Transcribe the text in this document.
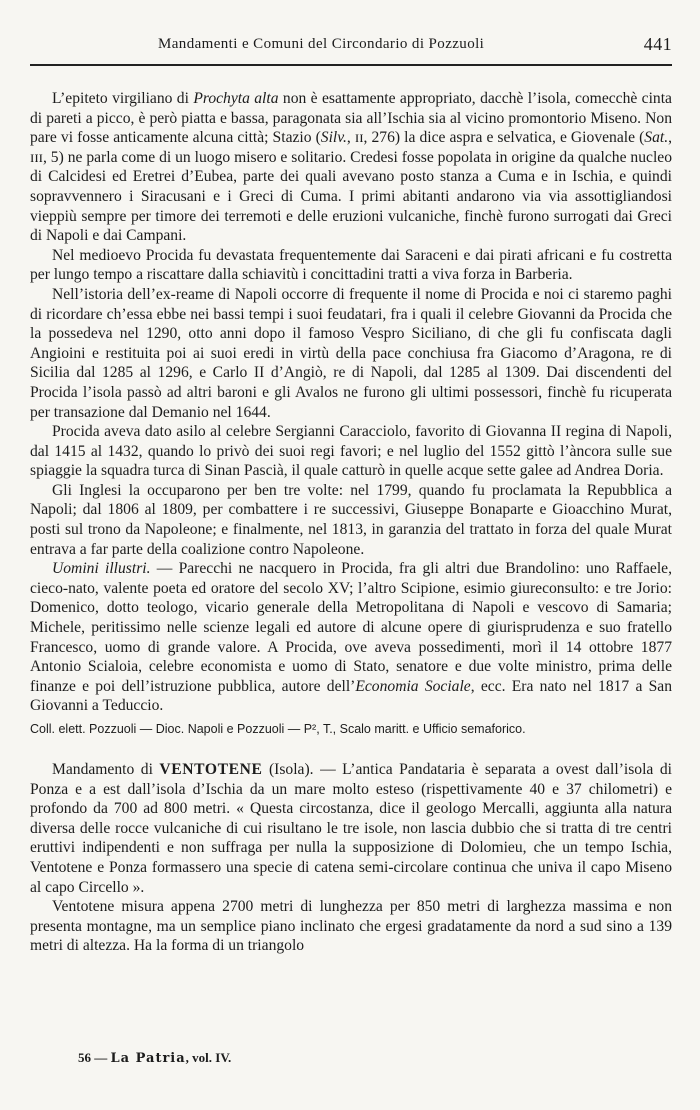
Mandamenti e Comuni del Circondario di Pozzuoli	441

L’epiteto virgiliano di Prochyta alta non è esattamente appropriato, dacchè l’isola, comecchè cinta di pareti a picco, è però piatta e bassa, paragonata sia all’Ischia sia al vicino promontorio Miseno. Non pare vi fosse anticamente alcuna città; Stazio (Silv., ɪɪ, 276) la dice aspra e selvatica, e Giovenale (Sat., ɪɪɪ, 5) ne parla come di un luogo misero e solitario. Credesi fosse popolata in origine da qualche nucleo di Calcidesi ed Eretrei d’Eubea, parte dei quali avevano posto stanza a Cuma e in Ischia, e quindi sopravvennero i Siracusani e i Greci di Cuma. I primi abitanti andarono via via assottigliandosi vieppiù sempre per timore dei terremoti e delle eruzioni vulcaniche, finchè furono surrogati dai Greci di Napoli e dai Campani.

Nel medioevo Procida fu devastata frequentemente dai Saraceni e dai pirati africani e fu costretta per lungo tempo a riscattare dalla schiavitù i concittadini tratti a viva forza in Barberia.

Nell’istoria dell’ex-reame di Napoli occorre di frequente il nome di Procida e noi ci staremo paghi di ricordare ch’essa ebbe nei bassi tempi i suoi feudatari, fra i quali il celebre Giovanni da Procida che la possedeva nel 1290, otto anni dopo il famoso Vespro Siciliano, di che gli fu confiscata dagli Angioini e restituita poi ai suoi eredi in virtù della pace conchiusa fra Giacomo d’Aragona, re di Sicilia dal 1285 al 1296, e Carlo II d’Angiò, re di Napoli, dal 1285 al 1309. Dai discendenti del Procida l’isola passò ad altri baroni e gli Avalos ne furono gli ultimi possessori, finchè fu ricuperata per transazione dal Demanio nel 1644.

Procida aveva dato asilo al celebre Sergianni Caracciolo, favorito di Giovanna II regina di Napoli, dal 1415 al 1432, quando lo privò dei suoi regi favori; e nel luglio del 1552 gittò l’àncora sulle sue spiaggie la squadra turca di Sinan Pascià, il quale catturò in quelle acque sette galee ad Andrea Doria.

Gli Inglesi la occuparono per ben tre volte: nel 1799, quando fu proclamata la Repubblica a Napoli; dal 1806 al 1809, per combattere i re successivi, Giuseppe Bonaparte e Gioacchino Murat, posti sul trono da Napoleone; e finalmente, nel 1813, in garanzia del trattato in forza del quale Murat entrava a far parte della coalizione contro Napoleone.

Uomini illustri. — Parecchi ne nacquero in Procida, fra gli altri due Brandolino: uno Raffaele, cieco-nato, valente poeta ed oratore del secolo XV; l’altro Scipione, esimio giureconsulto: e tre Jorio: Domenico, dotto teologo, vicario generale della Metropolitana di Napoli e vescovo di Samaria; Michele, peritissimo nelle scienze legali ed autore di alcune opere di giurisprudenza e suo fratello Francesco, uomo di grande valore. A Procida, ove aveva possedimenti, morì il 14 ottobre 1877 Antonio Scialoia, celebre economista e uomo di Stato, senatore e due volte ministro, prima delle finanze e poi dell’istruzione pubblica, autore dell’Economia Sociale, ecc. Era nato nel 1817 a San Giovanni a Teduccio.

Coll. elett. Pozzuoli — Dioc. Napoli e Pozzuoli — P², T., Scalo maritt. e Ufficio semaforico.

Mandamento di VENTOTENE (Isola). — L’antica Pandataria è separata a ovest dall’isola di Ponza e a est dall’isola d’Ischia da un mare molto esteso (rispettivamente 40 e 37 chilometri) e profondo da 700 ad 800 metri. « Questa circostanza, dice il geologo Mercalli, aggiunta alla natura diversa delle rocce vulcaniche di cui risultano le tre isole, non lascia dubbio che si tratta di tre centri eruttivi indipendenti e non suffraga per nulla la supposizione di Dolomieu, che un tempo Ischia, Ventotene e Ponza formassero una specie di catena semi-circolare continua che univa il capo Miseno al capo Circello ».

Ventotene misura appena 2700 metri di lunghezza per 850 metri di larghezza massima e non presenta montagne, ma un semplice piano inclinato che ergesi gradatamente da nord a sud sino a 139 metri di altezza. Ha la forma di un triangolo

56 — La Patria, vol. IV.
